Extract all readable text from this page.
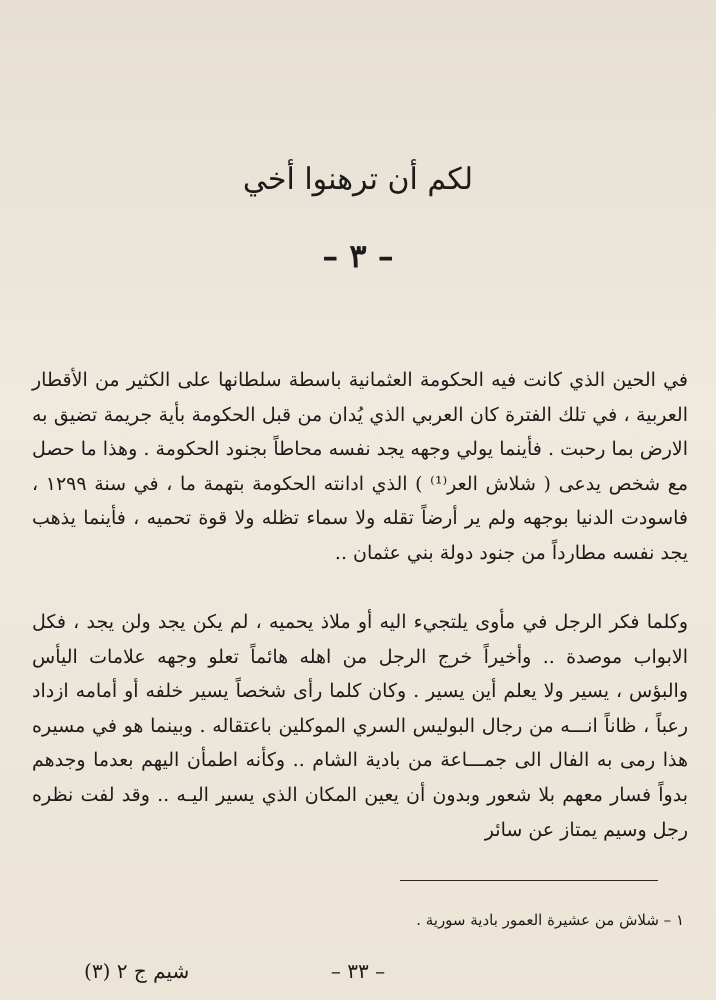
لكم أن ترهنوا أخي
– ٣ –

في الحين الذي كانت فيه الحكومة العثمانية باسطة سلطانها على الكثير من الأقطار العربية ، في تلك الفترة كان العربي الذي يُدان من قبل الحكومة بأية جريمة تضيق به الارض بما رحبت . فأينما يولي وجهه يجد نفسه محاطاً بجنود الحكومة . وهذا ما حصل مع شخص يدعى ( شلاش العر⁽¹⁾ ) الذي ادانته الحكومة بتهمة ما ، في سنة ١٢٩٩ ، فاسودت الدنيا بوجهه ولم ير أرضاً تقله ولا سماء تظله ولا قوة تحميه ، فأينما يذهب يجد نفسه مطارداً من جنود دولة بني عثمان ..

وكلما فكر الرجل في مأوى يلتجيء اليه أو ملاذ يحميه ، لم يكن يجد ولن يجد ، فكل الابواب موصدة .. وأخيراً خرج الرجل من اهله هائماً تعلو وجهه علامات اليأس والبؤس ، يسير ولا يعلم أين يسير . وكان كلما رأى شخصاً يسير خلفه أو أمامه ازداد رعباً ، ظاناً انـــه من رجال البوليس السري الموكلين باعتقاله . وبينما هو في مسيره هذا رمى به الفال الى جمـــاعة من بادية الشام .. وكأنه اطمأن اليهم بعدما وجدهم بدواً فسار معهم بلا شعور وبدون أن يعين المكان الذي يسير اليـه .. وقد لفت نظره رجل وسيم يمتاز عن سائر

١ – شلاش من عشيرة العمور بادية سورية .
– ٣٣ –
شيم ج ٢ (٣)
